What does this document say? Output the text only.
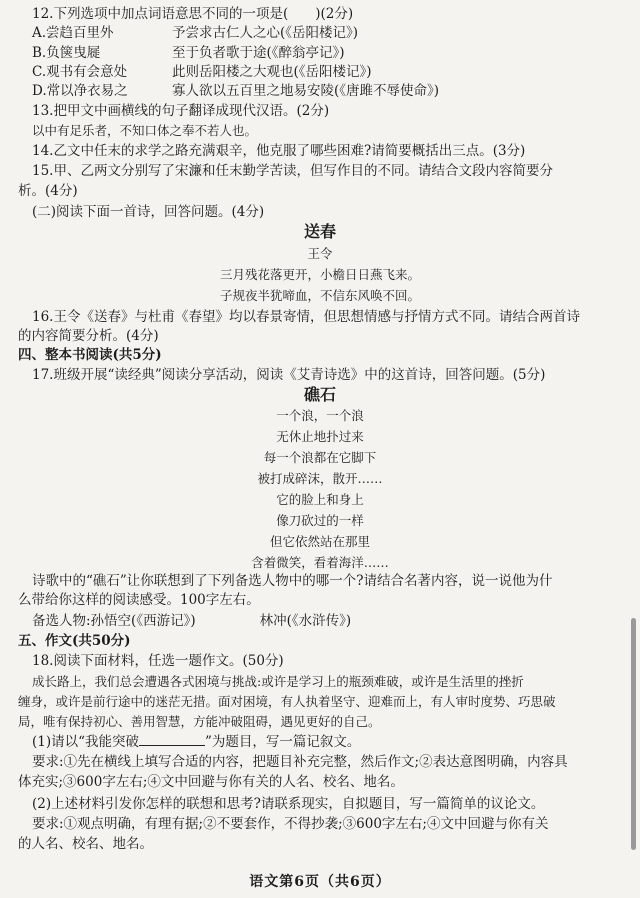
12.下列选项中加点词语意思不同的一项是(　　)(2分)
A.尝趋百里外	予尝求古仁人之心(《岳阳楼记》)
B.负箧曳屣	至于负者歌于途(《醉翁亭记》)
C.观书有会意处	此则岳阳楼之大观也(《岳阳楼记》)
D.常以净衣易之	寡人欲以五百里之地易安陵(《唐雎不辱使命》)
13.把甲文中画横线的句子翻译成现代汉语。(2分)
以中有足乐者，不知口体之奉不若人也。
14.乙文中任末的求学之路充满艰辛，他克服了哪些困难?请简要概括出三点。(3分)
15.甲、乙两文分别写了宋濂和任末勤学苦读，但写作目的不同。请结合文段内容简要分
析。(4分)
(二)阅读下面一首诗，回答问题。(4分)
送春
王令
三月残花落更开，小檐日日燕飞来。
子规夜半犹啼血，不信东风唤不回。
16.王令《送春》与杜甫《春望》均以春景寄情，但思想情感与抒情方式不同。请结合两首诗
的内容简要分析。(4分)
四、整本书阅读(共5分)
17.班级开展“读经典”阅读分享活动，阅读《艾青诗选》中的这首诗，回答问题。(5分)
礁石
一个浪，一个浪
无休止地扑过来
每一个浪都在它脚下
被打成碎沫，散开……
它的脸上和身上
像刀砍过的一样
但它依然站在那里
含着微笑，看着海洋……
诗歌中的“礁石”让你联想到了下列备选人物中的哪一个?请结合名著内容，说一说他为什
么带给你这样的阅读感受。100字左右。
备选人物:孙悟空(《西游记》)	林冲(《水浒传》)
五、作文(共50分)
18.阅读下面材料，任选一题作文。(50分)
成长路上，我们总会遭遇各式困境与挑战:或许是学习上的瓶颈难破，或许是生活里的挫折
缠身，或许是前行途中的迷茫无措。面对困境，有人执着坚守、迎难而上，有人审时度势、巧思破
局，唯有保持初心、善用智慧，方能冲破阻碍，遇见更好的自己。
(1)请以“我能突破	”为题目，写一篇记叙文。
要求:①先在横线上填写合适的内容，把题目补充完整，然后作文;②表达意图明确，内容具
体充实;③600字左右;④文中回避与你有关的人名、校名、地名。
(2)上述材料引发你怎样的联想和思考?请联系现实，自拟题目，写一篇简单的议论文。
要求:①观点明确，有理有据;②不要套作，不得抄袭;③600字左右;④文中回避与你有关
的人名、校名、地名。
语文第6页（共6页）
